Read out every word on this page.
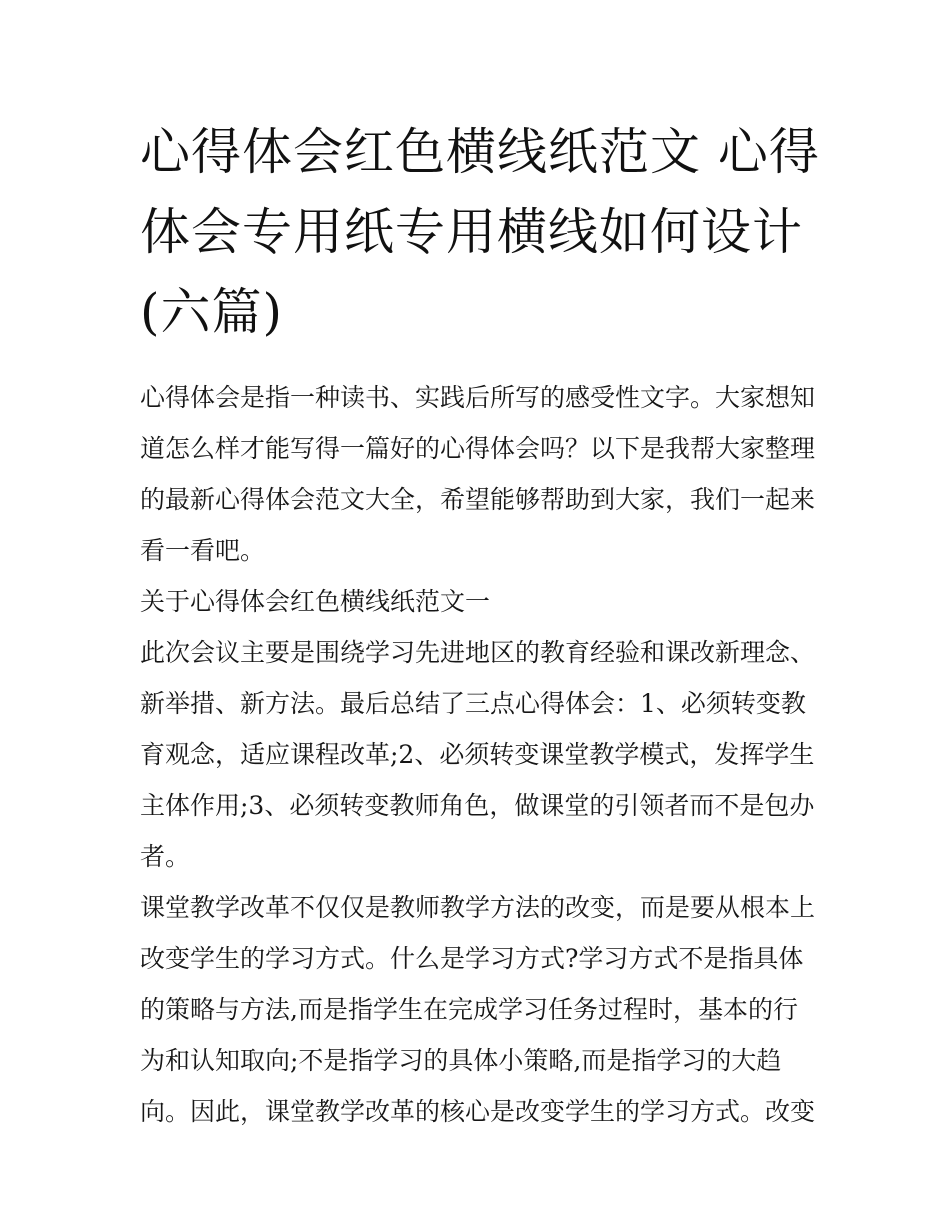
心得体会红色横线纸范文 心得
体会专用纸专用横线如何设计
(六篇)

心得体会是指一种读书、实践后所写的感受性文字。大家想知
道怎么样才能写得一篇好的心得体会吗？以下是我帮大家整理
的最新心得体会范文大全，希望能够帮助到大家，我们一起来
看一看吧。

关于心得体会红色横线纸范文一

此次会议主要是围绕学习先进地区的教育经验和课改新理念、
新举措、新方法。最后总结了三点心得体会：1、必须转变教
育观念，适应课程改革;2、必须转变课堂教学模式，发挥学生
主体作用;3、必须转变教师角色，做课堂的引领者而不是包办
者。

课堂教学改革不仅仅是教师教学方法的改变，而是要从根本上
改变学生的学习方式。什么是学习方式?学习方式不是指具体
的策略与方法,而是指学生在完成学习任务过程时，基本的行
为和认知取向;不是指学习的具体小策略,而是指学习的大趋
向。因此，课堂教学改革的核心是改变学生的学习方式。改变
